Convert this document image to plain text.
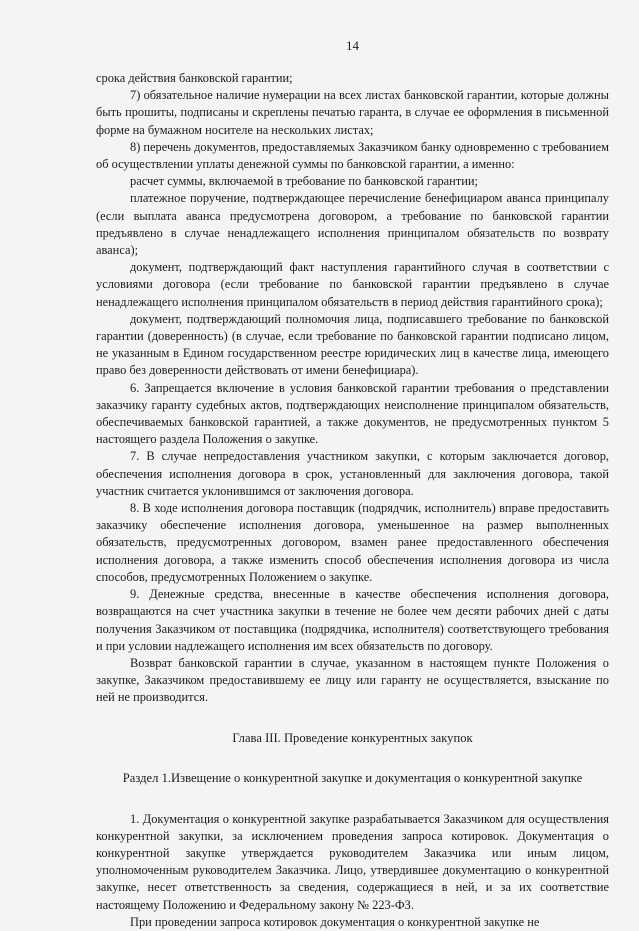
14

срока действия банковской гарантии;

7) обязательное наличие нумерации на всех листах банковской гарантии, которые должны быть прошиты, подписаны и скреплены печатью гаранта, в случае ее оформления в письменной форме на бумажном носителе на нескольких листах;

8) перечень документов, предоставляемых Заказчиком банку одновременно с требованием об осуществлении уплаты денежной суммы по банковской гарантии, а именно:

расчет суммы, включаемой в требование по банковской гарантии;

платежное поручение, подтверждающее перечисление бенефициаром аванса принципалу (если выплата аванса предусмотрена договором, а требование по банковской гарантии предъявлено в случае ненадлежащего исполнения принципалом обязательств по возврату аванса);

документ, подтверждающий факт наступления гарантийного случая в соответствии с условиями договора (если требование по банковской гарантии предъявлено в случае ненадлежащего исполнения принципалом обязательств в период действия гарантийного срока);

документ, подтверждающий полномочия лица, подписавшего требование по банковской гарантии (доверенность) (в случае, если требование по банковской гарантии подписано лицом, не указанным в Едином государственном реестре юридических лиц в качестве лица, имеющего право без доверенности действовать от имени бенефициара).

6. Запрещается включение в условия банковской гарантии требования о представлении заказчику гаранту судебных актов, подтверждающих неисполнение принципалом обязательств, обеспечиваемых банковской гарантией, а также документов, не предусмотренных пунктом 5 настоящего раздела Положения о закупке.

7. В случае непредоставления участником закупки, с которым заключается договор, обеспечения исполнения договора в срок, установленный для заключения договора, такой участник считается уклонившимся от заключения договора.

8. В ходе исполнения договора поставщик (подрядчик, исполнитель) вправе предоставить заказчику обеспечение исполнения договора, уменьшенное на размер выполненных обязательств, предусмотренных договором, взамен ранее предоставленного обеспечения исполнения договора, а также изменить способ обеспечения исполнения договора из числа способов, предусмотренных Положением о закупке.

9. Денежные средства, внесенные в качестве обеспечения исполнения договора, возвращаются на счет участника закупки в течение не более чем десяти рабочих дней с даты получения Заказчиком от поставщика (подрядчика, исполнителя) соответствующего требования и при условии надлежащего исполнения им всех обязательств по договору.

Возврат банковской гарантии в случае, указанном в настоящем пункте Положения о закупке, Заказчиком предоставившему ее лицу или гаранту не осуществляется, взыскание по ней не производится.

Глава III. Проведение конкурентных закупок
Раздел 1.Извещение о конкурентной закупке и документация о конкурентной закупке

1. Документация о конкурентной закупке разрабатывается Заказчиком для осуществления конкурентной закупки, за исключением проведения запроса котировок. Документация о конкурентной закупке утверждается руководителем Заказчика или иным лицом, уполномоченным руководителем Заказчика. Лицо, утвердившее документацию о конкурентной закупке, несет ответственность за сведения, содержащиеся в ней, и за их соответствие настоящему Положению и Федеральному закону № 223-ФЗ.

При проведении запроса котировок документация о конкурентной закупке не
